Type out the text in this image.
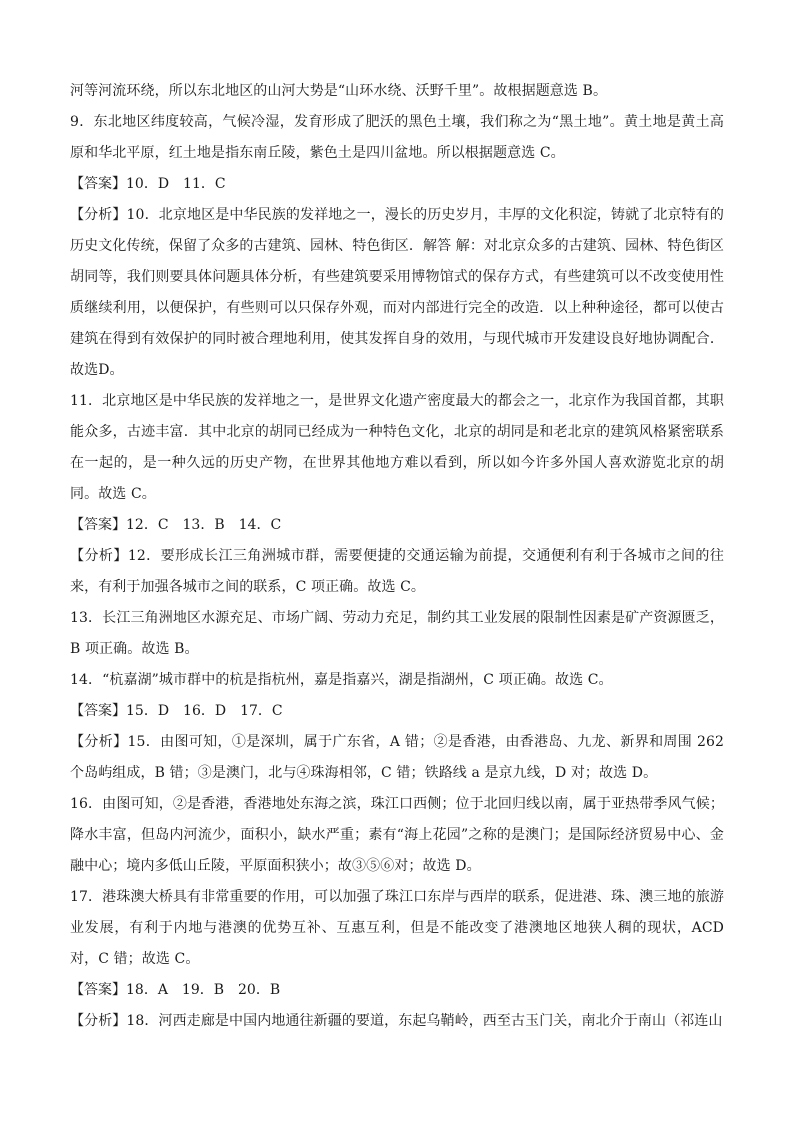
河等河流环绕，所以东北地区的山河大势是“山环水绕、沃野千里”。故根据题意选 B。

9．东北地区纬度较高，气候冷湿，发育形成了肥沃的黑色土壤，我们称之为“黑土地”。黄土地是黄土高原和华北平原，红土地是指东南丘陵，紫色土是四川盆地。所以根据题意选 C。

【答案】10．D　11．C

【分析】10．北京地区是中华民族的发祥地之一，漫长的历史岁月，丰厚的文化积淀，铸就了北京特有的历史文化传统，保留了众多的古建筑、园林、特色街区．解答 解：对北京众多的古建筑、园林、特色街区胡同等，我们则要具体问题具体分析，有些建筑要采用博物馆式的保存方式，有些建筑可以不改变使用性质继续利用，以便保护，有些则可以只保存外观，而对内部进行完全的改造．以上种种途径，都可以使古建筑在得到有效保护的同时被合理地利用，使其发挥自身的效用，与现代城市开发建设良好地协调配合．故选D。

11．北京地区是中华民族的发祥地之一，是世界文化遗产密度最大的都会之一，北京作为我国首都，其职能众多，古迹丰富．其中北京的胡同已经成为一种特色文化，北京的胡同是和老北京的建筑风格紧密联系在一起的，是一种久远的历史产物，在世界其他地方难以看到，所以如今许多外国人喜欢游览北京的胡同。故选 C。

【答案】12．C　13．B　14．C

【分析】12．要形成长江三角洲城市群，需要便捷的交通运输为前提，交通便利有利于各城市之间的往来，有利于加强各城市之间的联系，C 项正确。故选 C。

13．长江三角洲地区水源充足、市场广阔、劳动力充足，制约其工业发展的限制性因素是矿产资源匮乏，B 项正确。故选 B。

14．“杭嘉湖”城市群中的杭是指杭州，嘉是指嘉兴，湖是指湖州，C 项正确。故选 C。

【答案】15．D　16．D　17．C

【分析】15．由图可知，①是深圳，属于广东省，A 错；②是香港，由香港岛、九龙、新界和周围 262 个岛屿组成，B 错；③是澳门，北与④珠海相邻，C 错；铁路线 a 是京九线，D 对；故选 D。

16．由图可知，②是香港，香港地处东海之滨，珠江口西侧；位于北回归线以南，属于亚热带季风气候；降水丰富，但岛内河流少，面积小，缺水严重；素有“海上花园”之称的是澳门；是国际经济贸易中心、金融中心；境内多低山丘陵，平原面积狭小；故③⑤⑥对；故选 D。

17．港珠澳大桥具有非常重要的作用，可以加强了珠江口东岸与西岸的联系，促进港、珠、澳三地的旅游业发展，有利于内地与港澳的优势互补、互惠互利，但是不能改变了港澳地区地狭人稠的现状，ACD 对，C 错；故选 C。

【答案】18．A　19．B　20．B

【分析】18．河西走廊是中国内地通往新疆的要道，东起乌鞘岭，西至古玉门关，南北介于南山（祁连山
